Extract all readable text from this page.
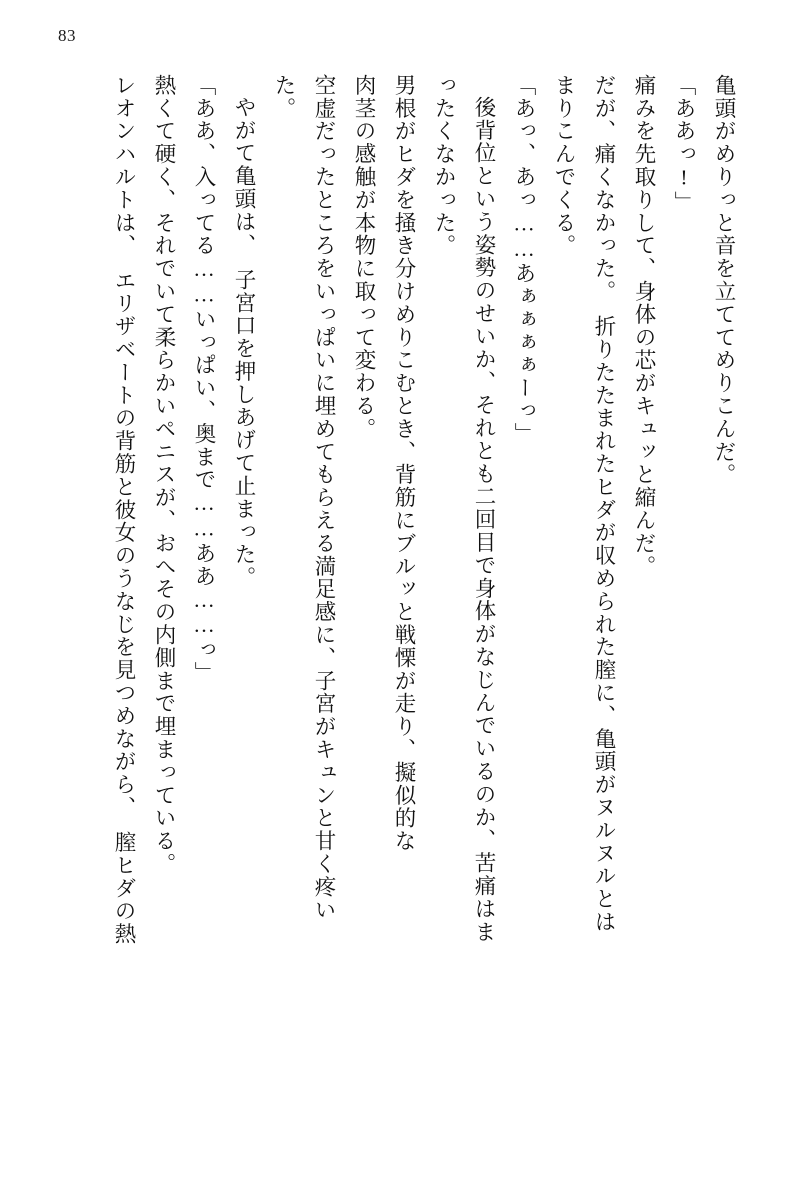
83
亀頭がめりっと音を立ててめりこんだ。
「ああっ!」
痛みを先取りして、身体の芯がキュッと縮んだ。
だが、痛くなかった。　折りたたまれたヒダが収められた膣に、亀頭がヌルヌルとは
まりこんでくる。
「あっ、あっ……あぁぁぁぁーっ」
後背位という姿勢のせいか、それとも二回目で身体がなじんでいるのか、苦痛はま
ったくなかった。
男根がヒダを掻き分けめりこむとき、背筋にブルッと戦慄が走り、擬似的な
肉茎の感触が本物に取って変わる。
空虚だったところをいっぱいに埋めてもらえる満足感に、子宮がキュンと甘く疼い
た。
やがて亀頭は、　子宮口を押しあげて止まった。
「ああ、入ってる……いっぱい、奥まで……ああ……っ」
熱くて硬く、それでいて柔らかいペニスが、おへその内側まで埋まっている。
レオンハルトは、　エリザベートの背筋と彼女のうなじを見つめながら、　膣ヒダの熱
